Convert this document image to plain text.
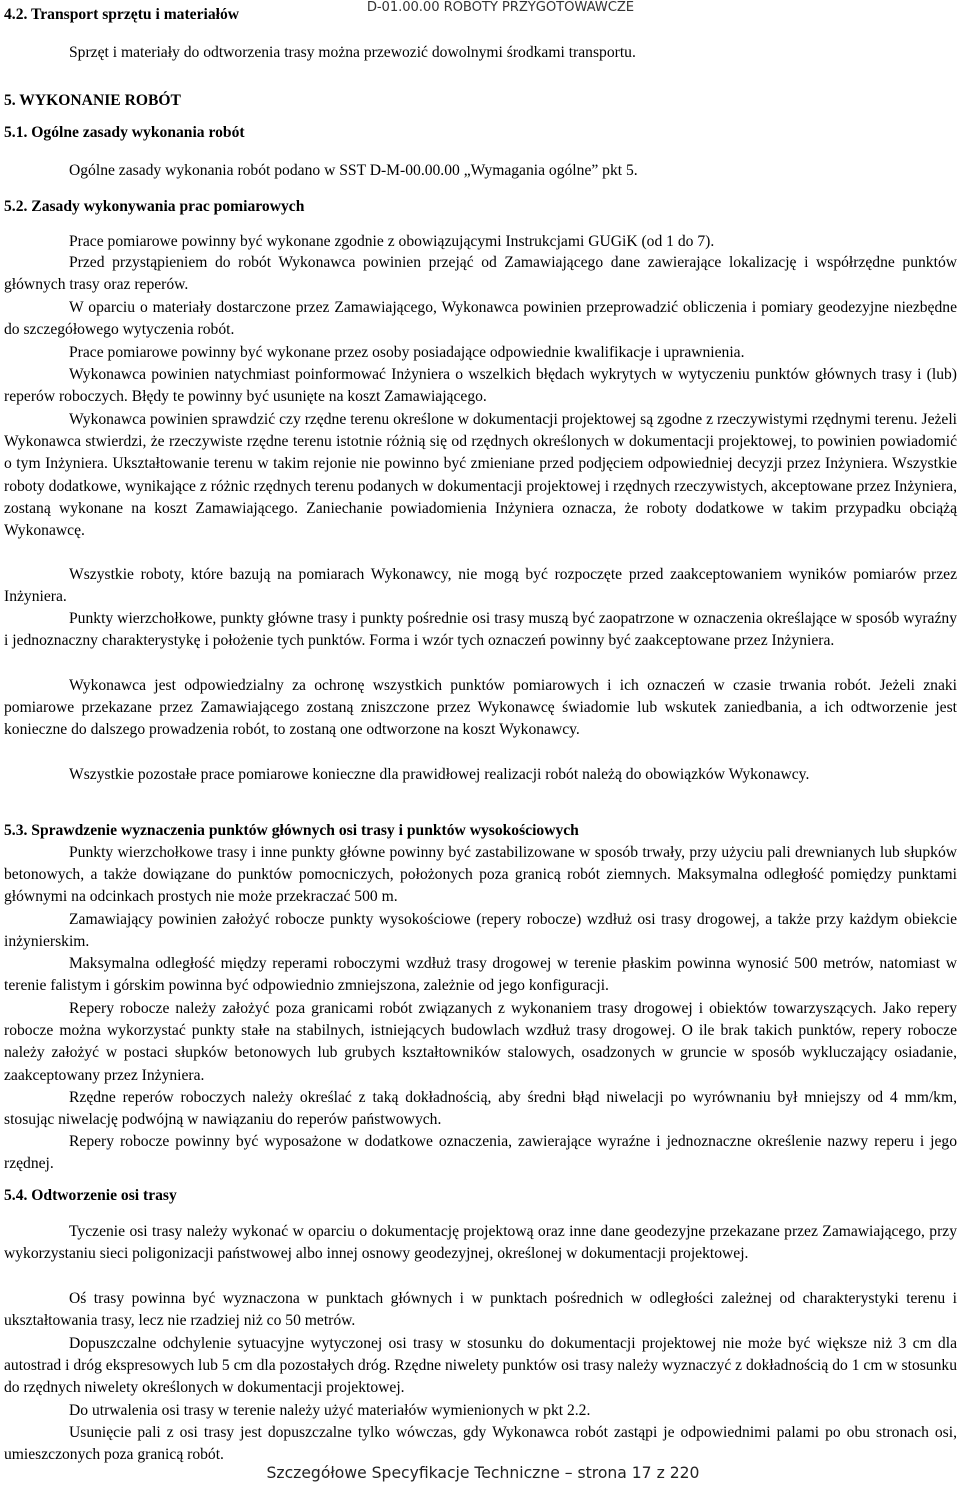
D-01.00.00 ROBOTY PRZYGOTOWAWCZE
4.2. Transport sprzętu i materiałów
Sprzęt i materiały do odtworzenia trasy można przewozić dowolnymi środkami transportu.
5. WYKONANIE ROBÓT
5.1. Ogólne zasady wykonania robót
Ogólne zasady wykonania robót podano w SST D-M-00.00.00 „Wymagania ogólne” pkt 5.
5.2. Zasady wykonywania prac pomiarowych
Prace pomiarowe powinny być wykonane zgodnie z obowiązującymi Instrukcjami GUGiK (od 1 do 7).

Przed przystąpieniem do robót Wykonawca powinien przejąć od Zamawiającego dane zawierające lokalizację i współrzędne punktów głównych trasy oraz reperów.

W oparciu o materiały dostarczone przez Zamawiającego, Wykonawca powinien przeprowadzić obliczenia i pomiary geodezyjne niezbędne do szczegółowego wytyczenia robót.

Prace pomiarowe powinny być wykonane przez osoby posiadające odpowiednie kwalifikacje i uprawnienia.

Wykonawca powinien natychmiast poinformować Inżyniera o wszelkich błędach wykrytych w wytyczeniu punktów głównych trasy i (lub) reperów roboczych. Błędy te powinny być usunięte na koszt Zamawiającego.

Wykonawca powinien sprawdzić czy rzędne terenu określone w dokumentacji projektowej są zgodne z rzeczywistymi rzędnymi terenu. Jeżeli Wykonawca stwierdzi, że rzeczywiste rzędne terenu istotnie różnią się od rzędnych określonych w dokumentacji projektowej, to powinien powiadomić o tym Inżyniera. Ukształtowanie terenu w takim rejonie nie powinno być zmieniane przed podjęciem odpowiedniej decyzji przez Inżyniera. Wszystkie roboty dodatkowe, wynikające z różnic rzędnych terenu podanych w dokumentacji projektowej i rzędnych rzeczywistych, akceptowane przez Inżyniera, zostaną wykonane na koszt Zamawiającego. Zaniechanie powiadomienia Inżyniera oznacza, że roboty dodatkowe w takim przypadku obciążą Wykonawcę.

Wszystkie roboty, które bazują na pomiarach Wykonawcy, nie mogą być rozpoczęte przed zaakceptowaniem wyników pomiarów przez Inżyniera.

Punkty wierzchołkowe, punkty główne trasy i punkty pośrednie osi trasy muszą być zaopatrzone w oznaczenia określające w sposób wyraźny i jednoznaczny charakterystykę i położenie tych punktów. Forma i wzór tych oznaczeń powinny być zaakceptowane przez Inżyniera.

Wykonawca jest odpowiedzialny za ochronę wszystkich punktów pomiarowych i ich oznaczeń w czasie trwania robót. Jeżeli znaki pomiarowe przekazane przez Zamawiającego zostaną zniszczone przez Wykonawcę świadomie lub wskutek zaniedbania, a ich odtworzenie jest konieczne do dalszego prowadzenia robót, to zostaną one odtworzone na koszt Wykonawcy.

Wszystkie pozostałe prace pomiarowe konieczne dla prawidłowej realizacji robót należą do obowiązków Wykonawcy.

5.3. Sprawdzenie wyznaczenia punktów głównych osi trasy i punktów wysokościowych

Punkty wierzchołkowe trasy i inne punkty główne powinny być zastabilizowane w sposób trwały, przy użyciu pali drewnianych lub słupków betonowych, a także dowiązane do punktów pomocniczych, położonych poza granicą robót ziemnych. Maksymalna odległość pomiędzy punktami głównymi na odcinkach prostych nie może przekraczać 500 m.

Zamawiający powinien założyć robocze punkty wysokościowe (repery robocze) wzdłuż osi trasy drogowej, a także przy każdym obiekcie inżynierskim.

Maksymalna odległość między reperami roboczymi wzdłuż trasy drogowej w terenie płaskim powinna wynosić 500 metrów, natomiast w terenie falistym i górskim powinna być odpowiednio zmniejszona, zależnie od jego konfiguracji.

Repery robocze należy założyć poza granicami robót związanych z wykonaniem trasy drogowej i obiektów towarzyszących. Jako repery robocze można wykorzystać punkty stałe na stabilnych, istniejących budowlach wzdłuż trasy drogowej. O ile brak takich punktów, repery robocze należy założyć w postaci słupków betonowych lub grubych kształtowników stalowych, osadzonych w gruncie w sposób wykluczający osiadanie, zaakceptowany przez Inżyniera.

Rzędne reperów roboczych należy określać z taką dokładnością, aby średni błąd niwelacji po wyrównaniu był mniejszy od 4 mm/km, stosując niwelację podwójną w nawiązaniu do reperów państwowych.

Repery robocze powinny być wyposażone w dodatkowe oznaczenia, zawierające wyraźne i jednoznaczne określenie nazwy reperu i jego rzędnej.

5.4. Odtworzenie osi trasy

Tyczenie osi trasy należy wykonać w oparciu o dokumentację projektową oraz inne dane geodezyjne przekazane przez Zamawiającego, przy wykorzystaniu sieci poligonizacji państwowej albo innej osnowy geodezyjnej, określonej w dokumentacji projektowej.

Oś trasy powinna być wyznaczona w punktach głównych i w punktach pośrednich w odległości zależnej od charakterystyki terenu i ukształtowania trasy, lecz nie rzadziej niż co 50 metrów.

Dopuszczalne odchylenie sytuacyjne wytyczonej osi trasy w stosunku do dokumentacji projektowej nie może być większe niż 3 cm dla autostrad i dróg ekspresowych lub 5 cm dla pozostałych dróg. Rzędne niwelety punktów osi trasy należy wyznaczyć z dokładnością do 1 cm w stosunku do rzędnych niwelety określonych w dokumentacji projektowej.

Do utrwalenia osi trasy w terenie należy użyć materiałów wymienionych w pkt 2.2.

Usunięcie pali z osi trasy jest dopuszczalne tylko wówczas, gdy Wykonawca robót zastąpi je odpowiednimi palami po obu stronach osi, umieszczonych poza granicą robót.

Szczegółowe Specyfikacje Techniczne – strona 17 z 220
